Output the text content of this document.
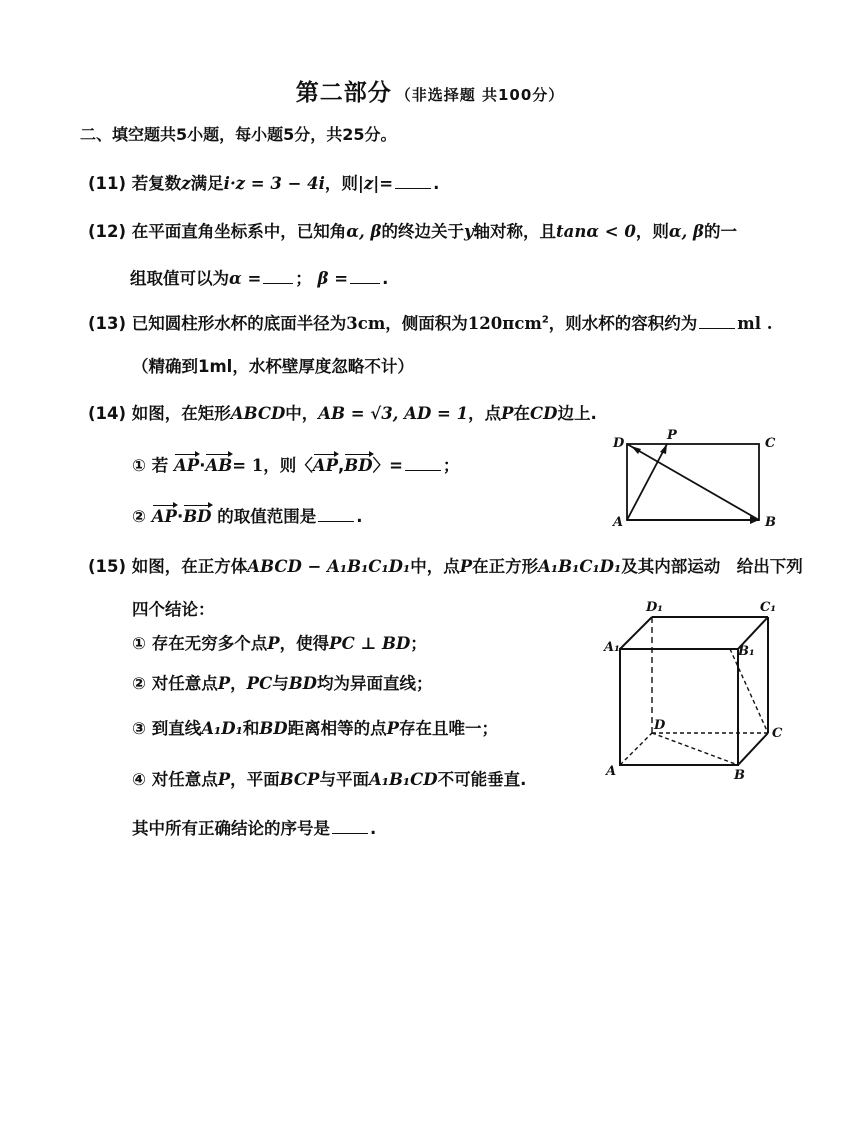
第二部分 （非选择题 共100分）
二、填空题共5小题，每小题5分，共25分。
(11) 若复数z满足i·z = 3 − 4i，则|z|= .
(12) 在平面直角坐标系中，已知角α, β的终边关于y轴对称，且tanα < 0，则α, β的一
组取值可以为α = ； β = .
(13) 已知圆柱形水杯的底面半径为3cm，侧面积为120πcm$^2$，则水杯的容积约为 ml .
（精确到1ml，水杯壁厚度忽略不计）
(14) 如图，在矩形ABCD中，AB = √3, AD = 1，点P在CD边上.
① 若 AP·AB= 1，则〈AP,BD〉= ；
② AP·BD 的取值范围是 .
D
P
C
A	B
(15) 如图，在正方体ABCD − A₁B₁C₁D₁中，点P在正方形A₁B₁C₁D₁及其内部运动　给出下列
四个结论：
① 存在无穷多个点P，使得PC ⊥ BD；
② 对任意点P，PC与BD均为异面直线；
③ 到直线A₁D₁和BD距离相等的点P存在且唯一；
④ 对任意点P，平面BCP与平面A₁B₁CD不可能垂直.
其中所有正确结论的序号是 .
D₁	C₁
A₁	B₁
D
C
A	B
